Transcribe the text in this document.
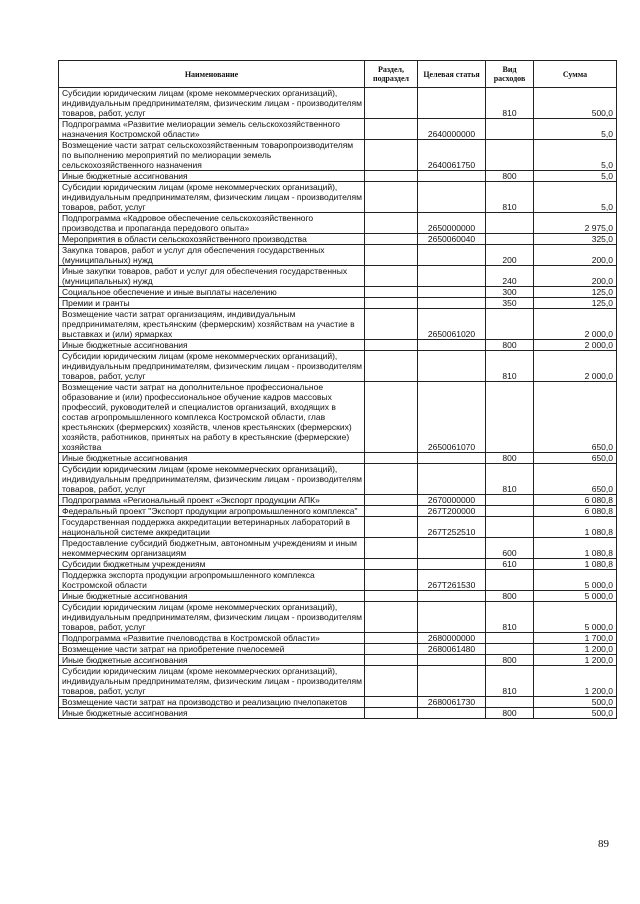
Наименование	Раздел, подраздел	Целевая статья	Вид расходов	Сумма
Субсидии юридическим лицам (кроме некоммерческих организаций), индивидуальным предпринимателям, физическим лицам - производителям товаров, работ, услуг			810	500,0
Подпрограмма «Развитие мелиорации земель сельскохозяйственного назначения Костромской области»		2640000000		5,0
Возмещение части затрат сельскохозяйственным товаропроизводителям по выполнению мероприятий по мелиорации земель сельскохозяйственного назначения		2640061750		5,0
Иные бюджетные ассигнования			800	5,0
Субсидии юридическим лицам (кроме некоммерческих организаций), индивидуальным предпринимателям, физическим лицам - производителям товаров, работ, услуг			810	5,0
Подпрограмма «Кадровое обеспечение сельскохозяйственного производства и пропаганда передового опыта»		2650000000		2 975,0
Мероприятия в области сельскохозяйственного производства		2650060040		325,0
Закупка товаров, работ и услуг для обеспечения государственных (муниципальных) нужд			200	200,0
Иные закупки товаров, работ и услуг для обеспечения государственных (муниципальных) нужд			240	200,0
Социальное обеспечение и иные выплаты населению			300	125,0
Премии и гранты			350	125,0
Возмещение части затрат организациям, индивидуальным предпринимателям, крестьянским (фермерским) хозяйствам на участие в выставках и (или) ярмарках		2650061020		2 000,0
Иные бюджетные ассигнования			800	2 000,0
Субсидии юридическим лицам (кроме некоммерческих организаций), индивидуальным предпринимателям, физическим лицам - производителям товаров, работ, услуг			810	2 000,0
Возмещение части затрат на дополнительное профессиональное образование и (или) профессиональное обучение кадров массовых профессий, руководителей и специалистов организаций, входящих в состав агропромышленного комплекса Костромской области, глав крестьянских (фермерских) хозяйств, членов крестьянских (фермерских) хозяйств, работников, принятых на работу в крестьянские (фермерские) хозяйства		2650061070		650,0
Иные бюджетные ассигнования			800	650,0
Субсидии юридическим лицам (кроме некоммерческих организаций), индивидуальным предпринимателям, физическим лицам - производителям товаров, работ, услуг			810	650,0
Подпрограмма «Региональный проект «Экспорт продукции АПК»		2670000000		6 080,8
Федеральный проект "Экспорт продукции агропромышленного комплекса"		267Т200000		6 080,8
Государственная поддержка аккредитации ветеринарных лабораторий в национальной системе аккредитации		267Т252510		1 080,8
Предоставление субсидий бюджетным, автономным учреждениям и иным некоммерческим организациям			600	1 080,8
Субсидии бюджетным учреждениям			610	1 080,8
Поддержка экспорта продукции агропромышленного комплекса Костромской области		267Т261530		5 000,0
Иные бюджетные ассигнования			800	5 000,0
Субсидии юридическим лицам (кроме некоммерческих организаций), индивидуальным предпринимателям, физическим лицам - производителям товаров, работ, услуг			810	5 000,0
Подпрограмма «Развитие пчеловодства в Костромской области»		2680000000		1 700,0
Возмещение части затрат на приобретение пчелосемей		2680061480		1 200,0
Иные бюджетные ассигнования			800	1 200,0
Субсидии юридическим лицам (кроме некоммерческих организаций), индивидуальным предпринимателям, физическим лицам - производителям товаров, работ, услуг			810	1 200,0
Возмещение части затрат на производство и реализацию пчелопакетов		2680061730		500,0
Иные бюджетные ассигнования			800	500,0
89
